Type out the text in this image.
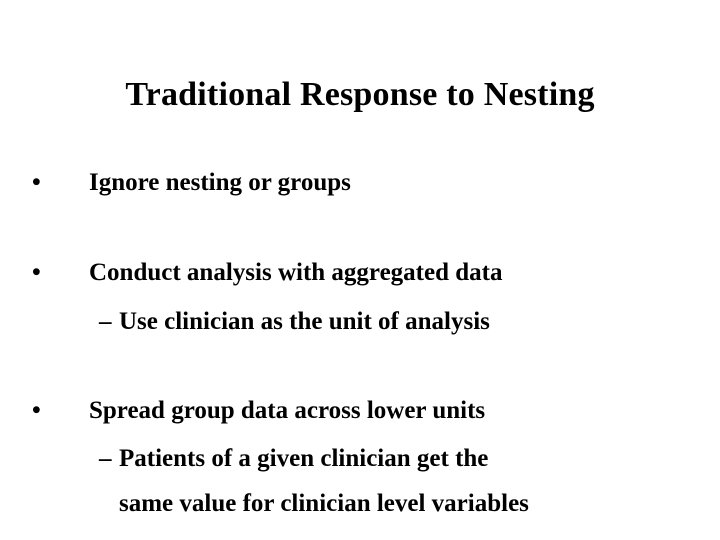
Traditional Response to Nesting
•	Ignore nesting or groups
•	Conduct analysis with aggregated data
– Use clinician as the unit of analysis
•	Spread group data across lower units
– Patients of a given clinician get the
same value for clinician level variables
